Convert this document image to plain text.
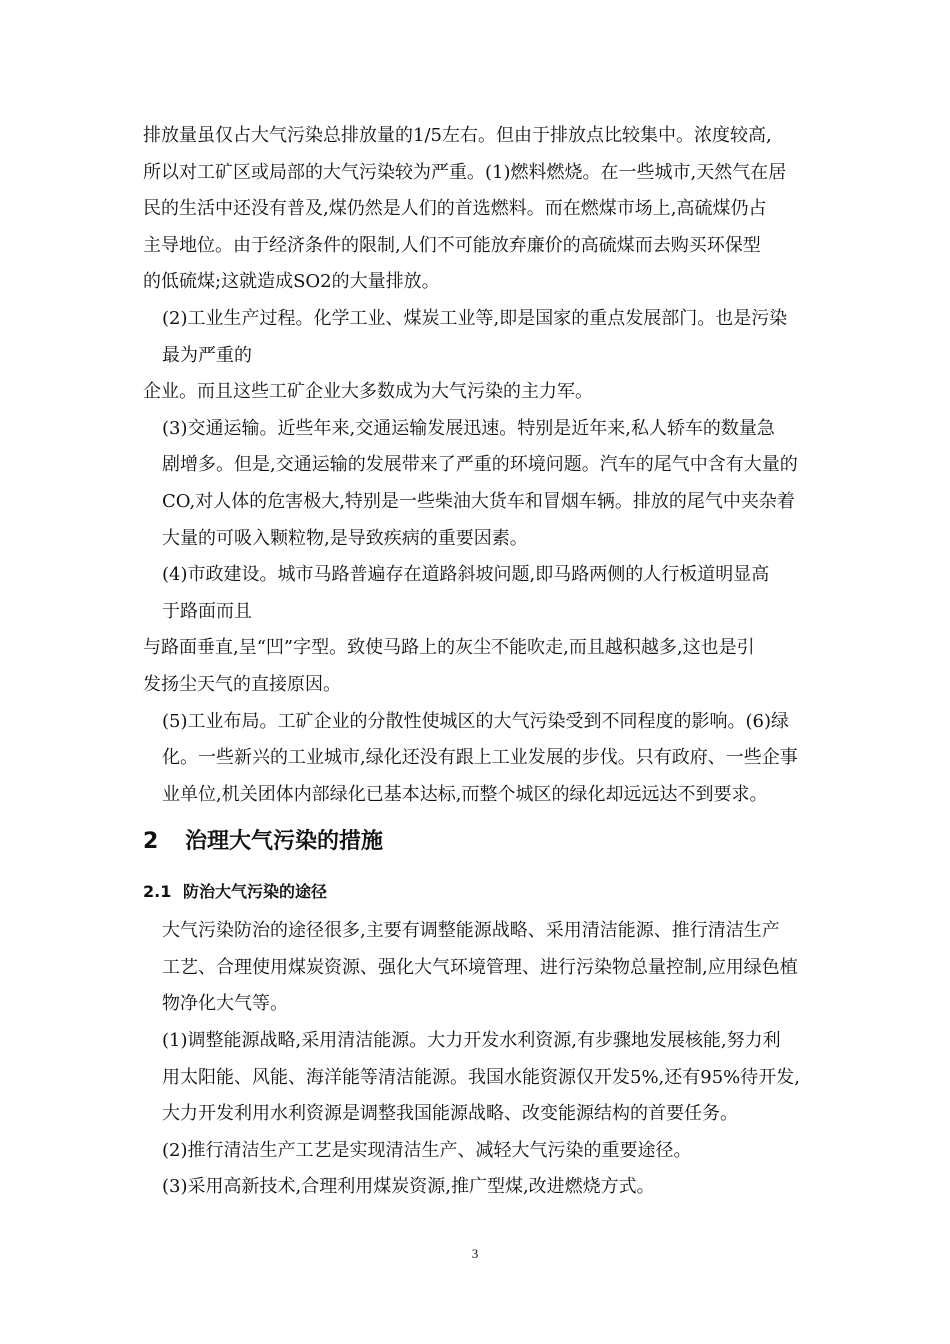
排放量虽仅占大气污染总排放量的1/5左右。但由于排放点比较集中。浓度较高,
所以对工矿区或局部的大气污染较为严重。(1)燃料燃烧。在一些城市,天然气在居
民的生活中还没有普及,煤仍然是人们的首选燃料。而在燃煤市场上,高硫煤仍占
主导地位。由于经济条件的限制,人们不可能放弃廉价的高硫煤而去购买环保型
的低硫煤;这就造成SO2的大量排放。

(2)工业生产过程。化学工业、煤炭工业等,即是国家的重点发展部门。也是污染
最为严重的

企业。而且这些工矿企业大多数成为大气污染的主力军。

(3)交通运输。近些年来,交通运输发展迅速。特别是近年来,私人轿车的数量急
剧增多。但是,交通运输的发展带来了严重的环境问题。汽车的尾气中含有大量的
CO,对人体的危害极大,特别是一些柴油大货车和冒烟车辆。排放的尾气中夹杂着
大量的可吸入颗粒物,是导致疾病的重要因素。

(4)市政建设。城市马路普遍存在道路斜坡问题,即马路两侧的人行板道明显高
于路面而且

与路面垂直,呈“凹”字型。致使马路上的灰尘不能吹走,而且越积越多,这也是引
发扬尘天气的直接原因。

(5)工业布局。工矿企业的分散性使城区的大气污染受到不同程度的影响。(6)绿
化。一些新兴的工业城市,绿化还没有跟上工业发展的步伐。只有政府、一些企事
业单位,机关团体内部绿化已基本达标,而整个城区的绿化却远远达不到要求。

2 治理大气污染的措施
2.1 防治大气污染的途径

大气污染防治的途径很多,主要有调整能源战略、采用清洁能源、推行清洁生产
工艺、合理使用煤炭资源、强化大气环境管理、进行污染物总量控制,应用绿色植
物净化大气等。

(1)调整能源战略,采用清洁能源。大力开发水利资源,有步骤地发展核能,努力利
用太阳能、风能、海洋能等清洁能源。我国水能资源仅开发5%,还有95%待开发,
大力开发利用水利资源是调整我国能源战略、改变能源结构的首要任务。

(2)推行清洁生产工艺是实现清洁生产、减轻大气污染的重要途径。

(3)采用高新技术,合理利用煤炭资源,推广型煤,改进燃烧方式。

3
